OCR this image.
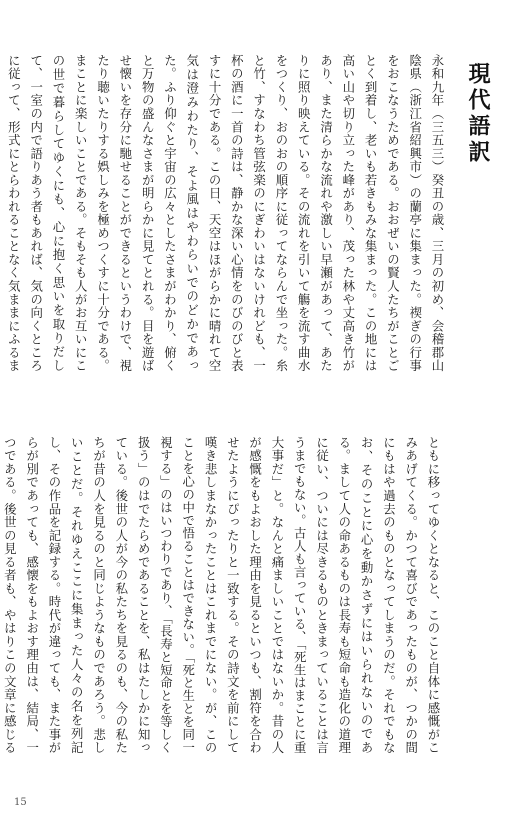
現代語訳
永和九年（三五三）癸丑の歳、三月の初め、会稽郡山陰県（浙江省紹興市）の蘭亭に集まった。禊ぎの行事をおこなうためである。おおぜいの賢人たちがことごとく到着し、老いも若きもみな集まった。この地には高い山や切り立った峰があり、茂った林や丈高き竹があり、また清らかな流れや激しい早瀬があって、あたりに照り映えている。その流れを引いて觴を流す曲水をつくり、おのおの順序に従ってならんで坐った。糸と竹、すなわち管弦楽のにぎわいはないけれども、一杯の酒に一首の詩は、静かな深い心情をのびのびと表すに十分である。この日、天空はほがらかに晴れて空気は澄みわたり、そよ風はやわらいでのどかであった。ふり仰ぐと宇宙の広々としたさまがわかり、俯くと万物の盛んなさまが明らかに見てとれる。目を遊ばせ懐いを存分に馳せることができるというわけで、視たり聴いたりする娯しみを極めつくすに十分である。まことに楽しいことである。そもそも人がお互いにこの世で暮らしてゆくにも、心に抱く思いを取りだして、一室の内で語りあう者もあれば、気の向くところに従って、形式にとらわれることなく気ままにふるま
ともに移ってゆくとなると、このこと自体に感慨がこみあげてくる。かつて喜びであったものが、つかの間にもはや過去のものとなってしまうのだ。それでもなお、そのことに心を動かさずにはいられないのである。まして人の命あるものは長寿も短命も造化の道理に従い、ついには尽きるものときまっていることは言うまでもない。古人も言っている、「死生はまことに重大事だ」と。なんと痛ましいことではないか。昔の人が感慨をもよおした理由を見るといつも、割符を合わせたようにぴったりと一致する。その詩文を前にして嘆き悲しまなかったことはこれまでにない。が、このことを心の中で悟ることはできない。「死と生とを同一視する」のはいつわりであり、「長寿と短命とを等しく扱う」のはでたらめであることを、私はたしかに知っている。後世の人が今の私たちを見るのも、今の私たちが昔の人を見るのと同じようなものであろう。悲しいことだ。それゆえここに集まった人々の名を列記し、その作品を記録する。時代が違っても、また事がらが別であっても、感懐をもよおす理由は、結局、一つである。後世の見る者も、やはりこの文章に感じる
15
